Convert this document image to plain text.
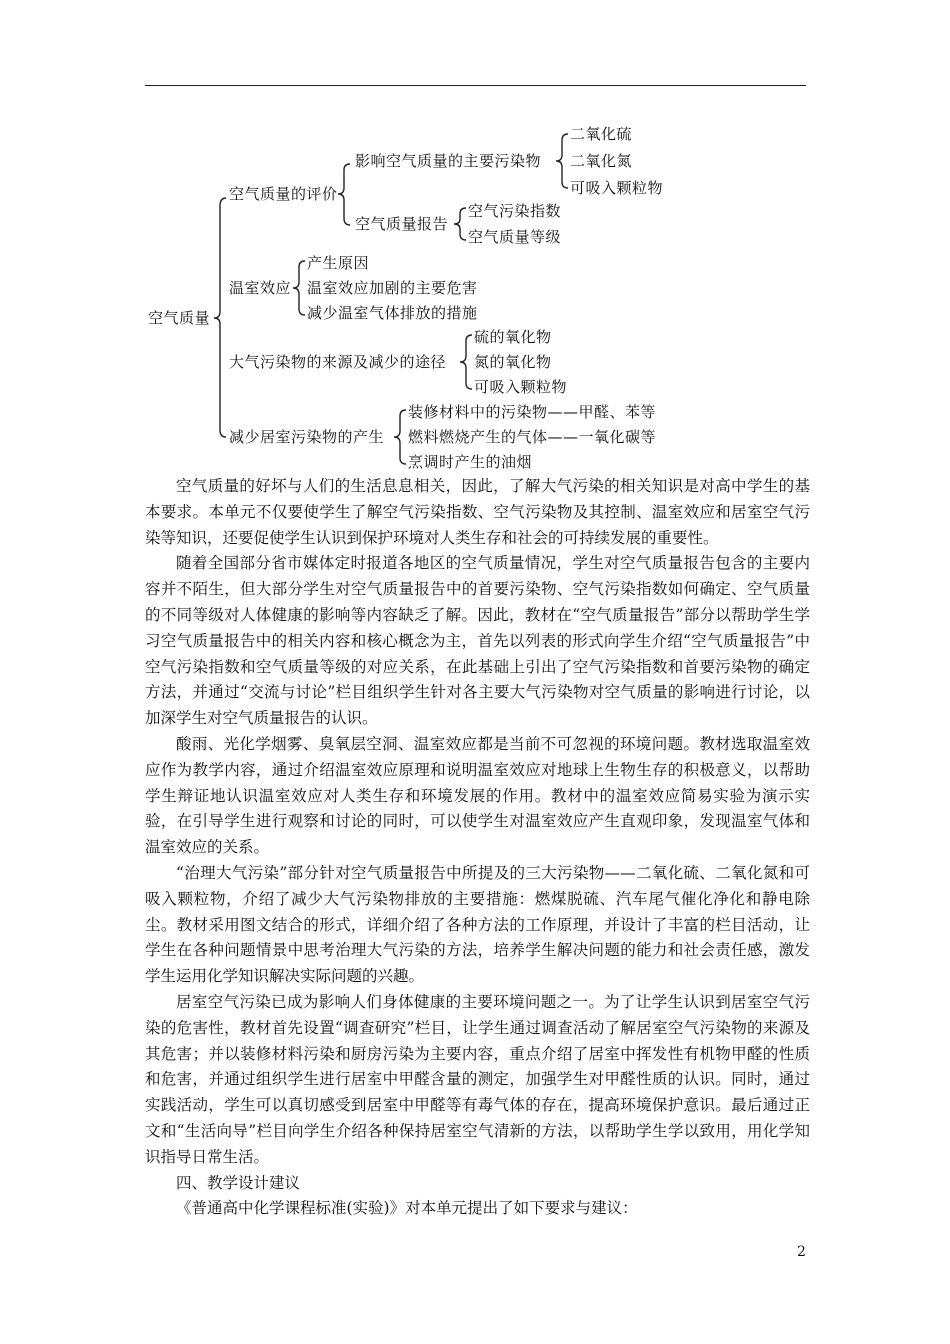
空气质量
空气质量的评价
影响空气质量的主要污染物
二氧化硫
二氧化氮
可吸入颗粒物
空气质量报告
空气污染指数
空气质量等级
温室效应
产生原因
温室效应加剧的主要危害
减少温室气体排放的措施
大气污染物的来源及减少的途径
硫的氧化物
氮的氧化物
可吸入颗粒物
减少居室污染物的产生
装修材料中的污染物——甲醛、苯等
燃料燃烧产生的气体——一氧化碳等
烹调时产生的油烟

空气质量的好坏与人们的生活息息相关，因此，了解大气污染的相关知识是对高中学生的基本要求。本单元不仅要使学生了解空气污染指数、空气污染物及其控制、温室效应和居室空气污染等知识，还要促使学生认识到保护环境对人类生存和社会的可持续发展的重要性。

随着全国部分省市媒体定时报道各地区的空气质量情况，学生对空气质量报告包含的主要内容并不陌生，但大部分学生对空气质量报告中的首要污染物、空气污染指数如何确定、空气质量的不同等级对人体健康的影响等内容缺乏了解。因此，教材在“空气质量报告”部分以帮助学生学习空气质量报告中的相关内容和核心概念为主，首先以列表的形式向学生介绍“空气质量报告”中空气污染指数和空气质量等级的对应关系，在此基础上引出了空气污染指数和首要污染物的确定方法，并通过“交流与讨论”栏目组织学生针对各主要大气污染物对空气质量的影响进行讨论，以加深学生对空气质量报告的认识。

酸雨、光化学烟雾、臭氧层空洞、温室效应都是当前不可忽视的环境问题。教材选取温室效应作为教学内容，通过介绍温室效应原理和说明温室效应对地球上生物生存的积极意义，以帮助学生辩证地认识温室效应对人类生存和环境发展的作用。教材中的温室效应简易实验为演示实验，在引导学生进行观察和讨论的同时，可以使学生对温室效应产生直观印象，发现温室气体和温室效应的关系。

“治理大气污染”部分针对空气质量报告中所提及的三大污染物——二氧化硫、二氧化氮和可吸入颗粒物，介绍了减少大气污染物排放的主要措施：燃煤脱硫、汽车尾气催化净化和静电除尘。教材采用图文结合的形式，详细介绍了各种方法的工作原理，并设计了丰富的栏目活动，让学生在各种问题情景中思考治理大气污染的方法，培养学生解决问题的能力和社会责任感，激发学生运用化学知识解决实际问题的兴趣。

居室空气污染已成为影响人们身体健康的主要环境问题之一。为了让学生认识到居室空气污染的危害性，教材首先设置“调查研究”栏目，让学生通过调查活动了解居室空气污染物的来源及其危害；并以装修材料污染和厨房污染为主要内容，重点介绍了居室中挥发性有机物甲醛的性质和危害，并通过组织学生进行居室中甲醛含量的测定，加强学生对甲醛性质的认识。同时，通过实践活动，学生可以真切感受到居室中甲醛等有毒气体的存在，提高环境保护意识。最后通过正文和“生活向导”栏目向学生介绍各种保持居室空气清新的方法，以帮助学生学以致用，用化学知识指导日常生活。

四、教学设计建议

《普通高中化学课程标准(实验)》对本单元提出了如下要求与建议：

2
